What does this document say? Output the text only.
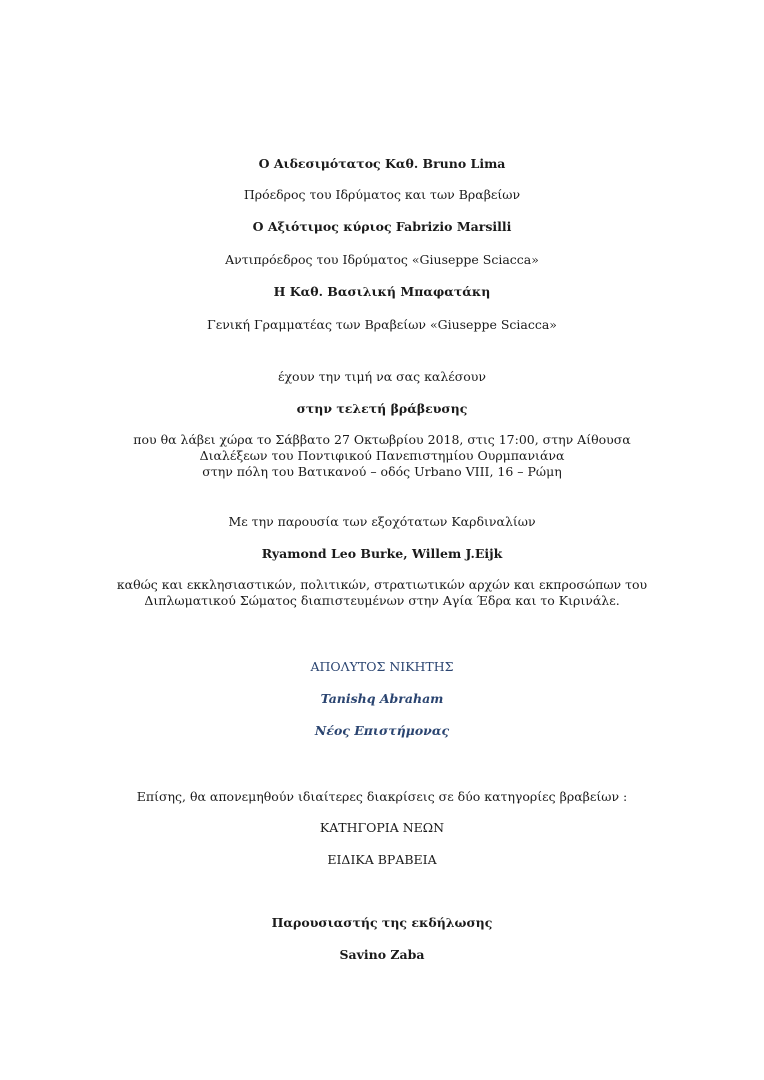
Ο Αιδεσιμότατος Καθ. Bruno Lima
Πρόεδρος του Ιδρύματος και των Βραβείων
Ο Αξιότιμος κύριος Fabrizio Marsilli
Αντιπρόεδρος του Ιδρύματος «Giuseppe Sciacca»
Η Καθ. Βασιλική Μπαφατάκη
Γενική Γραμματέας των Βραβείων «Giuseppe Sciacca»
έχουν την τιμή να σας καλέσουν
στην τελετή βράβευσης
που θα λάβει χώρα το Σάββατο 27 Οκτωβρίου 2018, στις 17:00, στην Αίθουσα
Διαλέξεων του Ποντιφικού Πανεπιστημίου Ουρμπανιάνα
στην πόλη του Βατικανού – οδός Urbano VIII, 16 – Ρώμη
Με την παρουσία των εξοχότατων Καρδιναλίων
Ryamond Leo Burke, Willem J.Eijk
καθώς και εκκλησιαστικών, πολιτικών, στρατιωτικών αρχών και εκπροσώπων του
Διπλωματικού Σώματος διαπιστευμένων στην Αγία Έδρα και το Κιρινάλε.
ΑΠΟΛΥΤΟΣ ΝΙΚΗΤΗΣ
Tanishq Abraham
Νέος Επιστήμονας
Επίσης, θα απονεμηθούν ιδιαίτερες διακρίσεις σε δύο κατηγορίες βραβείων :
ΚΑΤΗΓΟΡΙΑ ΝΕΩΝ
ΕΙΔΙΚΑ ΒΡΑΒΕΙΑ
Παρουσιαστής της εκδήλωσης
Savino Zaba
